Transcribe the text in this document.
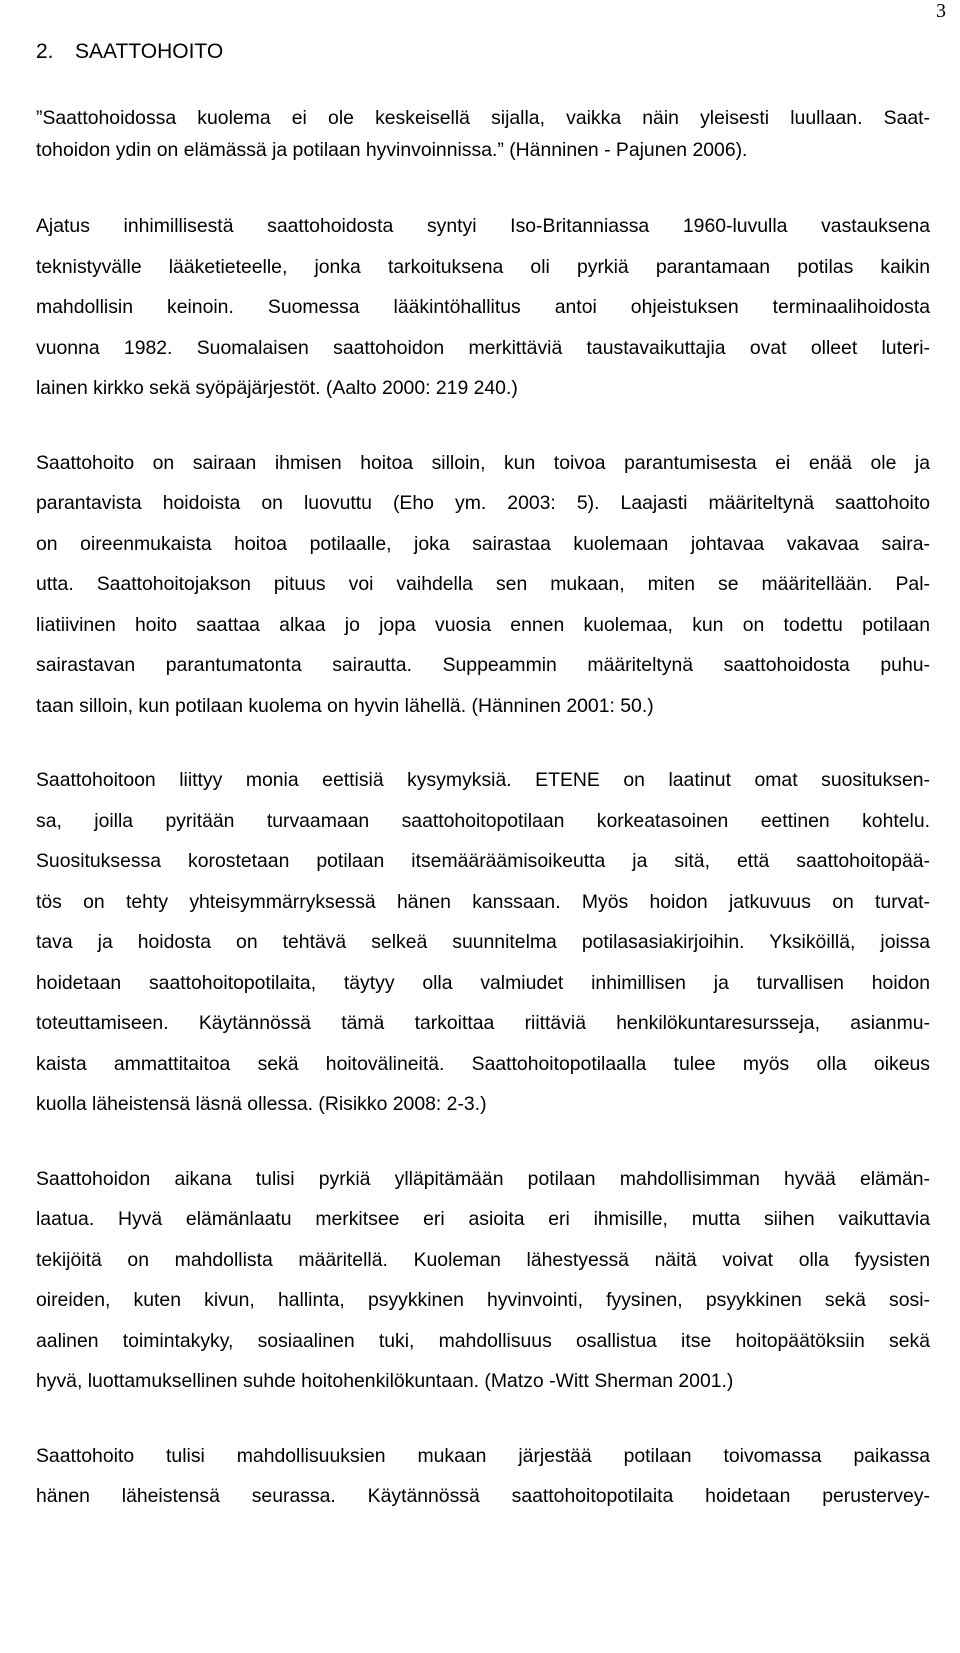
3
2. SAATTOHOITO
”Saattohoidossa kuolema ei ole keskeisellä sijalla, vaikka näin yleisesti luullaan. Saat-
tohoidon ydin on elämässä ja potilaan hyvinvoinnissa.” (Hänninen - Pajunen 2006).
Ajatus inhimillisestä saattohoidosta syntyi Iso-Britanniassa 1960-luvulla vastauksena
teknistyvälle lääketieteelle, jonka tarkoituksena oli pyrkiä parantamaan potilas kaikin
mahdollisin keinoin. Suomessa lääkintöhallitus antoi ohjeistuksen terminaalihoidosta
vuonna 1982. Suomalaisen saattohoidon merkittäviä taustavaikuttajia ovat olleet luteri-
lainen kirkko sekä syöpäjärjestöt. (Aalto 2000: 219 240.)
Saattohoito on sairaan ihmisen hoitoa silloin, kun toivoa parantumisesta ei enää ole ja
parantavista hoidoista on luovuttu (Eho ym. 2003: 5). Laajasti määriteltynä saattohoito
on oireenmukaista hoitoa potilaalle, joka sairastaa kuolemaan johtavaa vakavaa saira-
utta. Saattohoitojakson pituus voi vaihdella sen mukaan, miten se määritellään. Pal-
liatiivinen hoito saattaa alkaa jo jopa vuosia ennen kuolemaa, kun on todettu potilaan
sairastavan parantumatonta sairautta. Suppeammin määriteltynä saattohoidosta puhu-
taan silloin, kun potilaan kuolema on hyvin lähellä. (Hänninen 2001: 50.)
Saattohoitoon liittyy monia eettisiä kysymyksiä. ETENE on laatinut omat suosituksen-
sa, joilla pyritään turvaamaan saattohoitopotilaan korkeatasoinen eettinen kohtelu.
Suosituksessa korostetaan potilaan itsemääräämisoikeutta ja sitä, että saattohoitopää-
tös on tehty yhteisymmärryksessä hänen kanssaan. Myös hoidon jatkuvuus on turvat-
tava ja hoidosta on tehtävä selkeä suunnitelma potilasasiakirjoihin. Yksiköillä, joissa
hoidetaan saattohoitopotilaita, täytyy olla valmiudet inhimillisen ja turvallisen hoidon
toteuttamiseen. Käytännössä tämä tarkoittaa riittäviä henkilökuntaresursseja, asianmu-
kaista ammattitaitoa sekä hoitovälineitä. Saattohoitopotilaalla tulee myös olla oikeus
kuolla läheistensä läsnä ollessa. (Risikko 2008: 2-3.)
Saattohoidon aikana tulisi pyrkiä ylläpitämään potilaan mahdollisimman hyvää elämän-
laatua. Hyvä elämänlaatu merkitsee eri asioita eri ihmisille, mutta siihen vaikuttavia
tekijöitä on mahdollista määritellä. Kuoleman lähestyessä näitä voivat olla fyysisten
oireiden, kuten kivun, hallinta, psyykkinen hyvinvointi, fyysinen, psyykkinen sekä sosi-
aalinen toimintakyky, sosiaalinen tuki, mahdollisuus osallistua itse hoitopäätöksiin sekä
hyvä, luottamuksellinen suhde hoitohenkilökuntaan. (Matzo -Witt Sherman 2001.)
Saattohoito tulisi mahdollisuuksien mukaan järjestää potilaan toivomassa paikassa
hänen läheistensä seurassa. Käytännössä saattohoitopotilaita hoidetaan perustervey-
